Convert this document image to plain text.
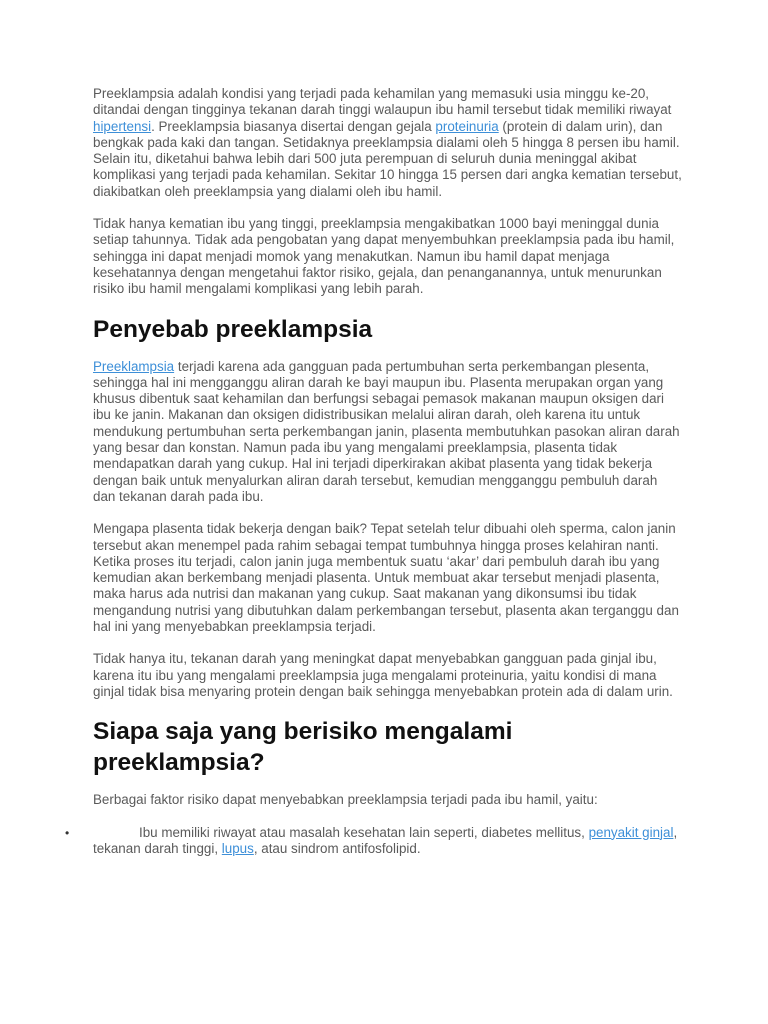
Preeklampsia adalah kondisi yang terjadi pada kehamilan yang memasuki usia minggu ke-20, ditandai dengan tingginya tekanan darah tinggi walaupun ibu hamil tersebut tidak memiliki riwayat hipertensi. Preeklampsia biasanya disertai dengan gejala proteinuria (protein di dalam urin), dan bengkak pada kaki dan tangan. Setidaknya preeklampsia dialami oleh 5 hingga 8 persen ibu hamil. Selain itu, diketahui bahwa lebih dari 500 juta perempuan di seluruh dunia meninggal akibat komplikasi yang terjadi pada kehamilan. Sekitar 10 hingga 15 persen dari angka kematian tersebut, diakibatkan oleh preeklampsia yang dialami oleh ibu hamil.

Tidak hanya kematian ibu yang tinggi, preeklampsia mengakibatkan 1000 bayi meninggal dunia setiap tahunnya. Tidak ada pengobatan yang dapat menyembuhkan preeklampsia pada ibu hamil, sehingga ini dapat menjadi momok yang menakutkan. Namun ibu hamil dapat menjaga kesehatannya dengan mengetahui faktor risiko, gejala, dan penanganannya, untuk menurunkan risiko ibu hamil mengalami komplikasi yang lebih parah.

Penyebab preeklampsia

Preeklampsia terjadi karena ada gangguan pada pertumbuhan serta perkembangan plesenta, sehingga hal ini mengganggu aliran darah ke bayi maupun ibu. Plasenta merupakan organ yang khusus dibentuk saat kehamilan dan berfungsi sebagai pemasok makanan maupun oksigen dari ibu ke janin. Makanan dan oksigen didistribusikan melalui aliran darah, oleh karena itu untuk mendukung pertumbuhan serta perkembangan janin, plasenta membutuhkan pasokan aliran darah yang besar dan konstan. Namun pada ibu yang mengalami preeklampsia, plasenta tidak mendapatkan darah yang cukup. Hal ini terjadi diperkirakan akibat plasenta yang tidak bekerja dengan baik untuk menyalurkan aliran darah tersebut, kemudian mengganggu pembuluh darah dan tekanan darah pada ibu.

Mengapa plasenta tidak bekerja dengan baik? Tepat setelah telur dibuahi oleh sperma, calon janin tersebut akan menempel pada rahim sebagai tempat tumbuhnya hingga proses kelahiran nanti. Ketika proses itu terjadi, calon janin juga membentuk suatu ‘akar’ dari pembuluh darah ibu yang kemudian akan berkembang menjadi plasenta. Untuk membuat akar tersebut menjadi plasenta, maka harus ada nutrisi dan makanan yang cukup. Saat makanan yang dikonsumsi ibu tidak mengandung nutrisi yang dibutuhkan dalam perkembangan tersebut, plasenta akan terganggu dan hal ini yang menyebabkan preeklampsia terjadi.

Tidak hanya itu, tekanan darah yang meningkat dapat menyebabkan gangguan pada ginjal ibu, karena itu ibu yang mengalami preeklampsia juga mengalami proteinuria, yaitu kondisi di mana ginjal tidak bisa menyaring protein dengan baik sehingga menyebabkan protein ada di dalam urin.

Siapa saja yang berisiko mengalami preeklampsia?

Berbagai faktor risiko dapat menyebabkan preeklampsia terjadi pada ibu hamil, yaitu:

•	Ibu memiliki riwayat atau masalah kesehatan lain seperti, diabetes mellitus, penyakit ginjal, tekanan darah tinggi, lupus, atau sindrom antifosfolipid.
